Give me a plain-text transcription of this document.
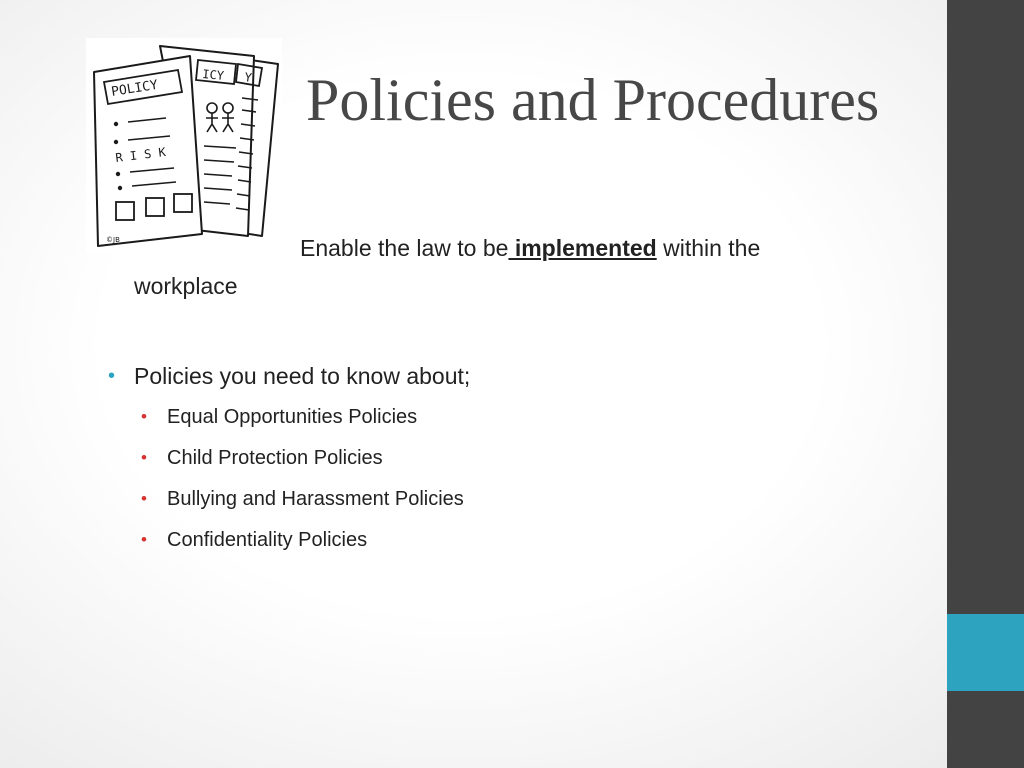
Y
ICY
POLICY
R I S K
©JB
Policies and Procedures
Enable the law to be implemented within the
workplace
• Policies you need to know about;
• Equal Opportunities Policies
• Child Protection Policies
• Bullying and Harassment Policies
• Confidentiality Policies
